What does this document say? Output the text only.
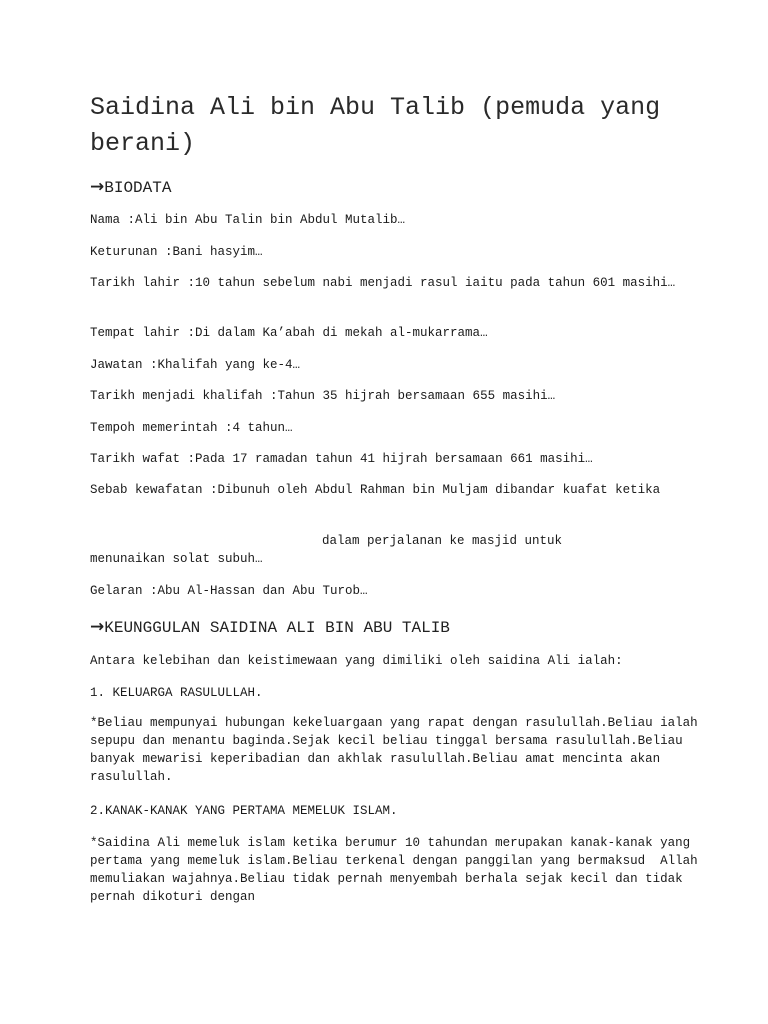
Saidina Ali bin Abu Talib (pemuda yang berani)
→BIODATA

Nama :Ali bin Abu Talin bin Abdul Mutalib…

Keturunan :Bani hasyim…

Tarikh lahir :10 tahun sebelum nabi menjadi rasul iaitu pada tahun 601 masihi…

Tempat lahir :Di dalam Ka’abah di mekah al-mukarrama…

Jawatan :Khalifah yang ke-4…

Tarikh menjadi khalifah :Tahun 35 hijrah bersamaan 655 masihi…

Tempoh memerintah :4 tahun…

Tarikh wafat :Pada 17 ramadan tahun 41 hijrah bersamaan 661 masihi…

Sebab kewafatan :Dibunuh oleh Abdul Rahman bin Muljam dibandar kuafat ketika

dalam perjalanan ke masjid untuk

menunaikan solat subuh…

Gelaran :Abu Al-Hassan dan Abu Turob…

→KEUNGGULAN SAIDINA ALI BIN ABU TALIB

Antara kelebihan dan keistimewaan yang dimiliki oleh saidina Ali ialah:

1. KELUARGA RASULULLAH.

*Beliau mempunyai hubungan kekeluargaan yang rapat dengan rasulullah.Beliau ialah sepupu dan menantu baginda.Sejak kecil beliau tinggal bersama rasulullah.Beliau banyak mewarisi keperibadian dan akhlak rasulullah.Beliau amat mencinta akan rasulullah.

2.KANAK-KANAK YANG PERTAMA MEMELUK ISLAM.

*Saidina Ali memeluk islam ketika berumur 10 tahundan merupakan kanak-kanak yang pertama yang memeluk islam.Beliau terkenal dengan panggilan yang bermaksud  Allah memuliakan wajahnya.Beliau tidak pernah menyembah berhala sejak kecil dan tidak pernah dikoturi dengan
